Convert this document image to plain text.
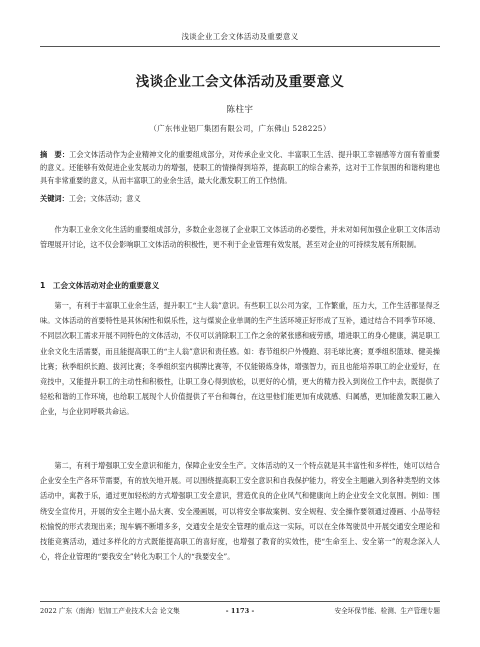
浅谈企业工会文体活动及重要意义
浅谈企业工会文体活动及重要意义
陈柱宇
（广东伟业铝厂集团有限公司，广东佛山 528225）
摘　要：工会文体活动作为企业精神文化的重要组成部分，对传承企业文化、丰富职工生活、提升职工幸福感等方面有着重要的意义。还能够有效促进企业发展动力的增强，使职工的情操得到培养，提高职工的综合素养，这对于工作氛围的和谐构建也具有非常重要的意义，从而丰富职工的业余生活，最大化激发职工的工作热情。
关键词：工会；文体活动；意义

作为职工业余文化生活的重要组成部分，多数企业忽视了企业职工文体活动的必要性，并未对如何加强企业职工文体活动管理展开讨论，这不仅会影响职工文体活动的积极性，更不利于企业管理有效发展，甚至对企业的可持续发展有所限制。

1　工会文体活动对企业的重要意义

第一，有利于丰富职工业余生活，提升职工“主人翁”意识。有些职工以公司为家，工作繁重，压力大，工作生活都显得乏味。文体活动的首要特性是其休闲性和娱乐性，这与煤炭企业单调的生产生活环境正好形成了互补，通过结合不同季节环境、不同层次职工需求开展不同特色的文体活动，不仅可以消除职工工作之余的紧张感和疲劳感，增进职工的身心健康，满足职工业余文化生活需要，而且能提高职工的“主人翁”意识和责任感。如：春节组织户外慢跑、羽毛球比赛；夏季组织篮球、健美操比赛；秋季组织长跑、拔河比赛；冬季组织室内棋牌比赛等，不仅能锻炼身体，增强智力，而且也能培养职工的企业爱好，在竞技中，又能提升职工的主动性和积极性，让职工身心得到放松，以更好的心情，更大的精力投入到岗位工作中去，既提供了轻松和谐的工作环境，也给职工展现个人价值提供了平台和舞台，在这里他们能更加有成就感、归属感，更加能激发职工融入企业，与企业同呼吸共命运。

第二，有利于增强职工安全意识和能力，保障企业安全生产。文体活动的又一个特点就是其丰富性和多样性，她可以结合企业安全生产各环节需要，有的放矢地开展。可以围绕提高职工安全意识和自我保护能力，将安全主题融入到各种类型的文体活动中，寓教于乐，通过更加轻松的方式增强职工安全意识，营造优良的企业风气和健康向上的企业安全文化氛围。例如：围绕安全宣传月，开展的安全主题小品大赛、安全漫画展，可以将安全事故案例、安全规程、安全操作要领通过漫画、小品等轻松愉悦的形式表现出来；现车辆不断增多多，交通安全是安全管理的重点这一实际，可以在全体驾驶员中开展交通安全理论和技能竞赛活动，通过多样化的方式既能提高职工的喜好度，也增强了教育的实效性，使“生命至上、安全第一”的观念深入人心，将企业管理的“要我安全”转化为职工个人的“我要安全”。

2022 广东（南海）铝加工产业技术大会 论文集	- 1173 -	安全环保节能、检测、生产管理专题
